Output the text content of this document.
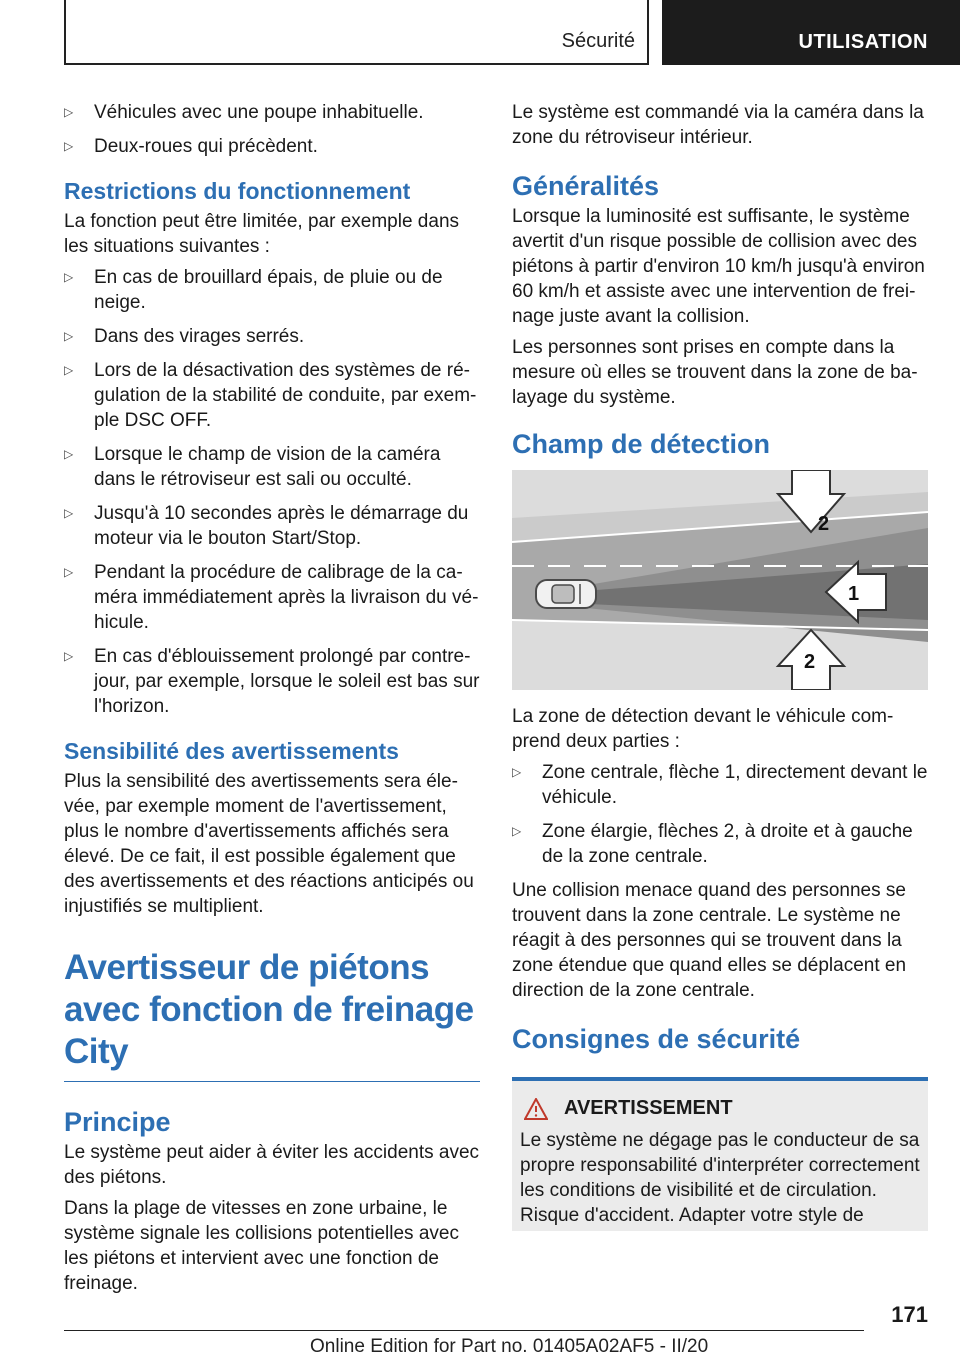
Sécurité	UTILISATION
▷ Véhicules avec une poupe inhabituelle.
▷ Deux-roues qui précèdent.
Restrictions du fonctionnement

La fonction peut être limitée, par exemple dans les situations suivantes :

▷ En cas de brouillard épais, de pluie ou de neige.
▷ Dans des virages serrés.
▷ Lors de la désactivation des systèmes de régulation de la stabilité de conduite, par exemple DSC OFF.
▷ Lorsque le champ de vision de la caméra dans le rétroviseur est sali ou occulté.
▷ Jusqu'à 10 secondes après le démarrage du moteur via le bouton Start/Stop.
▷ Pendant la procédure de calibrage de la caméra immédiatement après la livraison du véhicule.
▷ En cas d'éblouissement prolongé par contrejour, par exemple, lorsque le soleil est bas sur l'horizon.
Sensibilité des avertissements

Plus la sensibilité des avertissements sera élevée, par exemple moment de l'avertissement, plus le nombre d'avertissements affichés sera élevé. De ce fait, il est possible également que des avertissements et des réactions anticipés ou injustifiés se multiplient.

Avertisseur de piétons avec fonction de freinage City
Principe

Le système peut aider à éviter les accidents avec des piétons.

Dans la plage de vitesses en zone urbaine, le système signale les collisions potentielles avec les piétons et intervient avec une fonction de freinage.

Le système est commandé via la caméra dans la zone du rétroviseur intérieur.

Généralités

Lorsque la luminosité est suffisante, le système avertit d'un risque possible de collision avec des piétons à partir d'environ 10 km/h jusqu'à environ 60 km/h et assiste avec une intervention de freinage juste avant la collision.

Les personnes sont prises en compte dans la mesure où elles se trouvent dans la zone de balayage du système.

Champ de détection
2
1
2

La zone de détection devant le véhicule comprend deux parties :

▷ Zone centrale, flèche 1, directement devant le véhicule.
▷ Zone élargie, flèches 2, à droite et à gauche de la zone centrale.

Une collision menace quand des personnes se trouvent dans la zone centrale. Le système ne réagit à des personnes qui se trouvent dans la zone étendue que quand elles se déplacent en direction de la zone centrale.

Consignes de sécurité
AVERTISSEMENT

Le système ne dégage pas le conducteur de sa propre responsabilité d'interpréter correctement les conditions de visibilité et de circulation. Risque d'accident. Adapter votre style de

171
Online Edition for Part no. 01405A02AF5 - II/20
